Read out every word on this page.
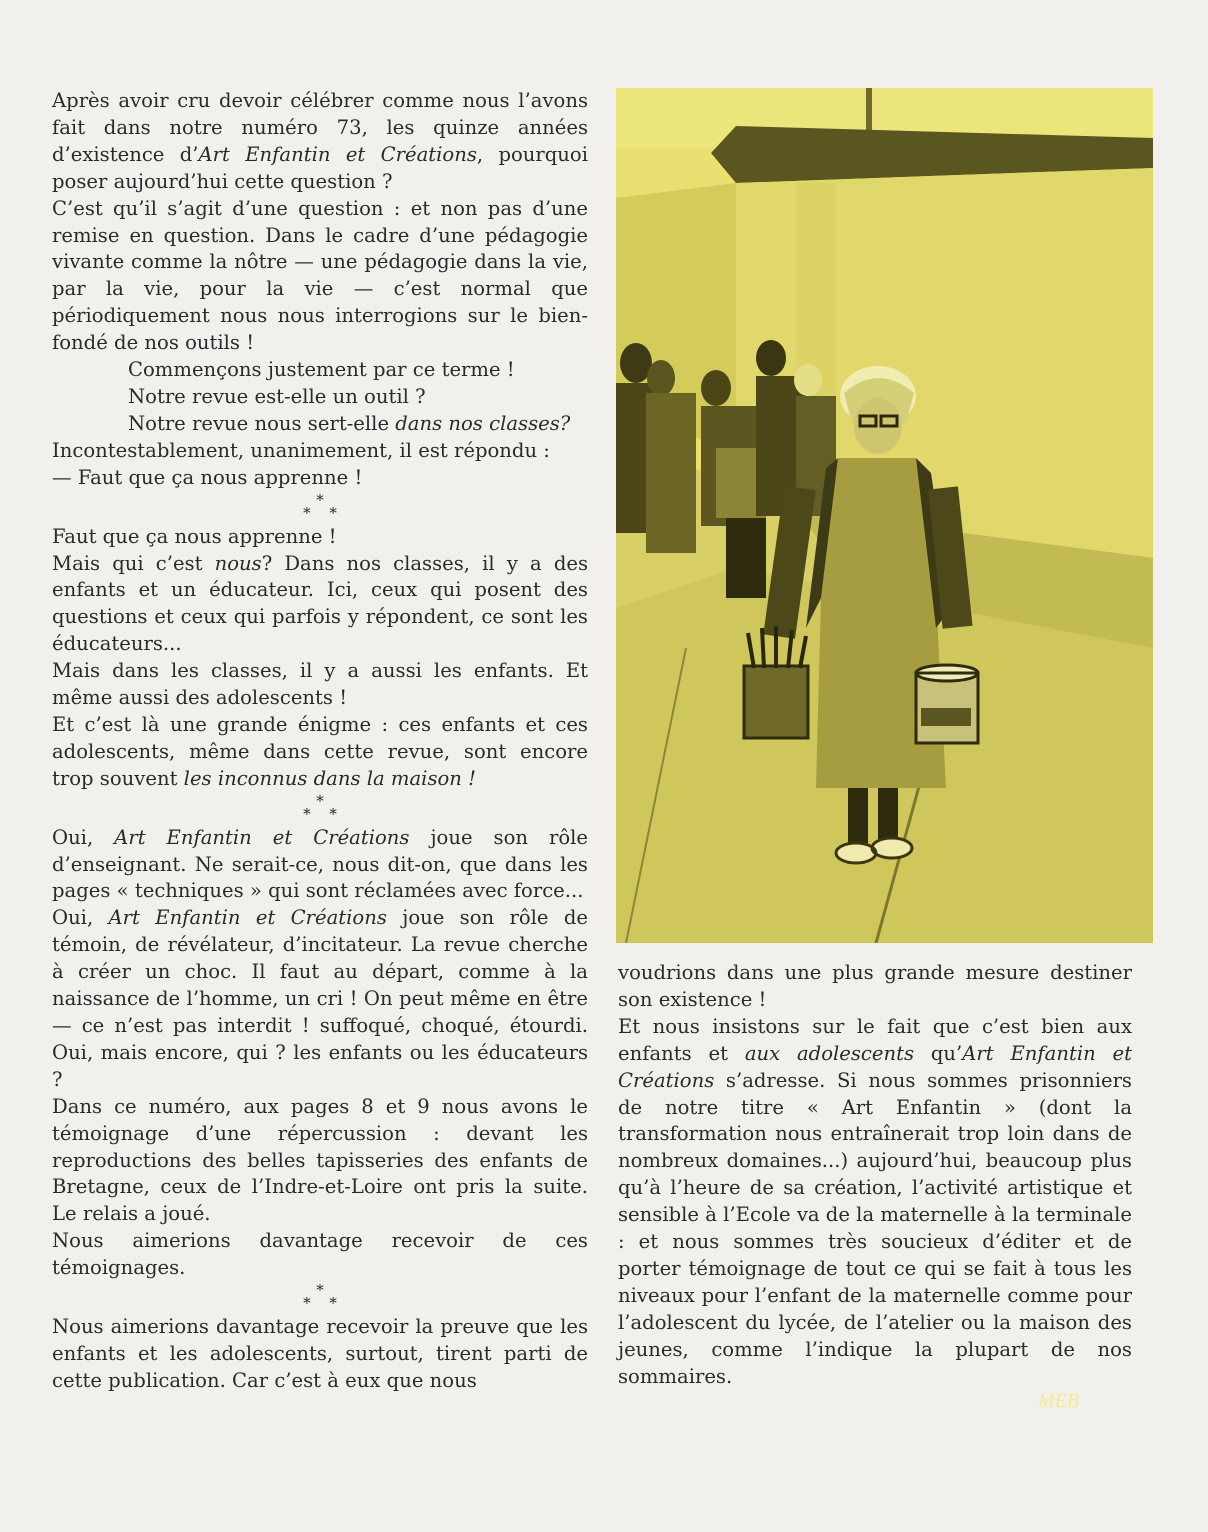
Après avoir cru devoir célébrer comme nous l’avons fait dans notre numéro 73, les quinze années d’existence d’Art Enfantin et Créations, pourquoi poser aujourd’hui cette question ?

C’est qu’il s’agit d’une question : et non pas d’une remise en question. Dans le cadre d’une pédagogie vivante comme la nôtre — une pédagogie dans la vie, par la vie, pour la vie — c’est normal que périodiquement nous nous interrogions sur le bien-fondé de nos outils !

Commençons justement par ce terme !

Notre revue est-elle un outil ?

Notre revue nous sert-elle dans nos classes?

Incontestablement, unanimement, il est répondu :

— Faut que ça nous apprenne !

*
* *

Faut que ça nous apprenne !

Mais qui c’est nous? Dans nos classes, il y a des enfants et un éducateur. Ici, ceux qui posent des questions et ceux qui parfois y répondent, ce sont les éducateurs...

Mais dans les classes, il y a aussi les enfants. Et même aussi des adolescents !

Et c’est là une grande énigme : ces enfants et ces adolescents, même dans cette revue, sont encore trop souvent les inconnus dans la maison !

*
* *

Oui, Art Enfantin et Créations joue son rôle d’enseignant. Ne serait-ce, nous dit-on, que dans les pages « techniques » qui sont réclamées avec force...

Oui, Art Enfantin et Créations joue son rôle de témoin, de révélateur, d’incitateur. La revue cherche à créer un choc. Il faut au départ, comme à la naissance de l’homme, un cri ! On peut même en être — ce n’est pas interdit ! suffoqué, choqué, étourdi. Oui, mais encore, qui ? les enfants ou les éducateurs ?

Dans ce numéro, aux pages 8 et 9 nous avons le témoignage d’une répercussion : devant les reproductions des belles tapisseries des enfants de Bretagne, ceux de l’Indre-et-Loire ont pris la suite. Le relais a joué.

Nous aimerions davantage recevoir de ces témoignages.

*
* *

Nous aimerions davantage recevoir la preuve que les enfants et les adolescents, surtout, tirent parti de cette publication. Car c’est à eux que nous

voudrions dans une plus grande mesure destiner son existence !

Et nous insistons sur le fait que c’est bien aux enfants et aux adolescents qu’Art Enfantin et Créations s’adresse. Si nous sommes prisonniers de notre titre « Art Enfantin » (dont la transformation nous entraînerait trop loin dans de nombreux domaines...) aujourd’hui, beaucoup plus qu’à l’heure de sa création, l’activité artistique et sensible à l’Ecole va de la maternelle à la terminale : et nous sommes très soucieux d’éditer et de porter témoignage de tout ce qui se fait à tous les niveaux pour l’enfant de la maternelle comme pour l’adolescent du lycée, de l’atelier ou la maison des jeunes, comme l’indique la plupart de nos sommaires.

MEB
